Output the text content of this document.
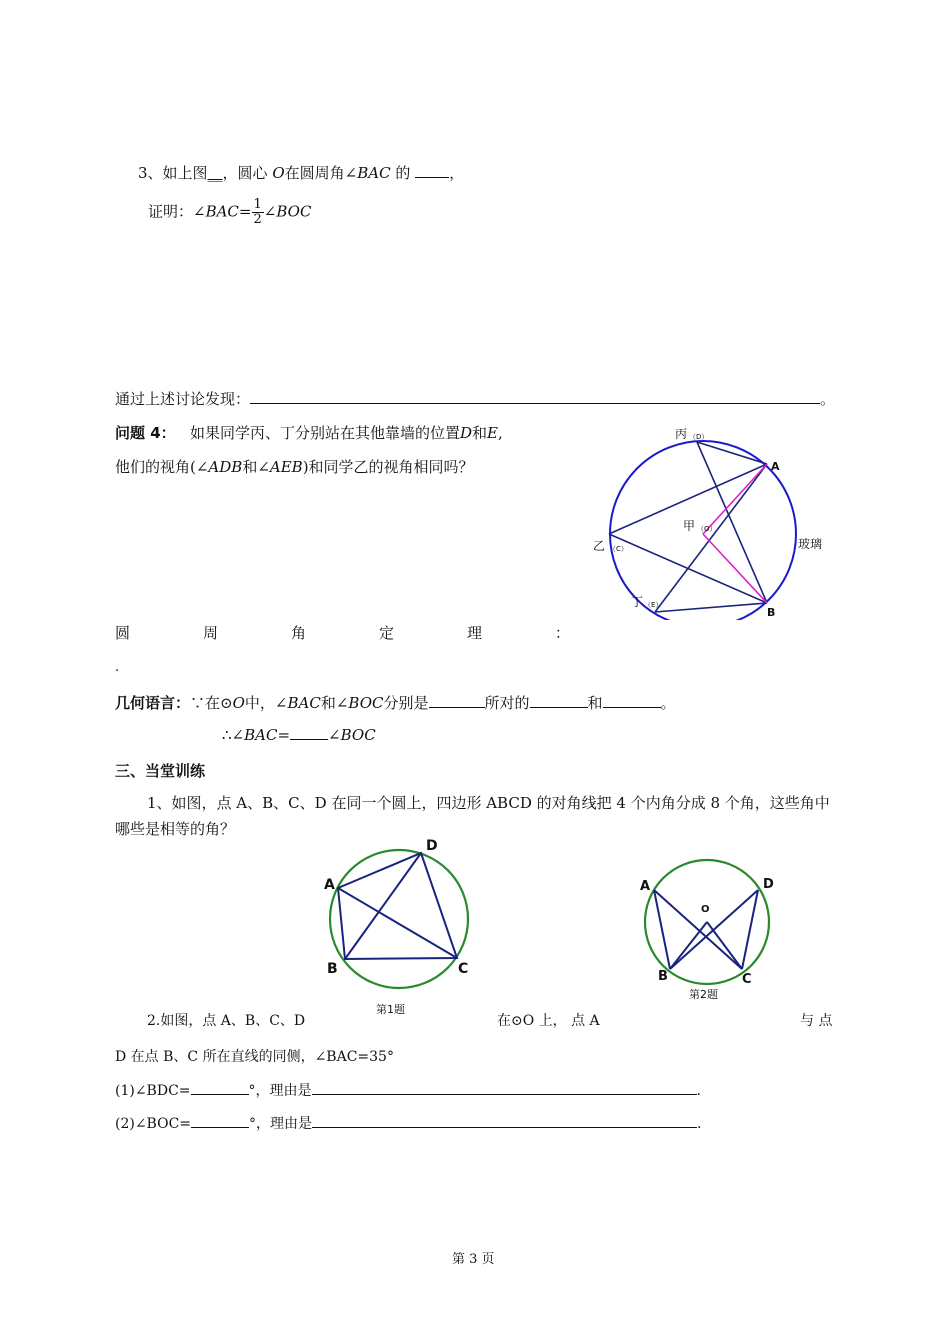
3、如上图__，圆心 O在圆周角∠BAC 的	，
证明：∠BAC= $\frac{1}{2}$ ∠BOC
通过上述讨论发现：	。
问题 4： 如果同学丙、丁分别站在其他靠墙的位置D和E,
他们的视角(∠ADB和∠AEB)和同学乙的视角相同吗？
丙 （D）
A
甲 （O）
乙 （C）	玻璃
丁 （E）
B
圆	周	角	定	理	：
.
几何语言：∵在⊙O中，∠BAC和∠BOC分别是	所对的	和	。
∴∠BAC=	∠BOC
三、当堂训练
1、如图，点 A、B、C、D 在同一个圆上，四边形 ABCD 的对角线把 4 个内角分成 8 个角，这些角中
哪些是相等的角？
A
B	C
D
第1题
A
B	C
D
O
第2题
2.如图，点 A、B、C、D	在⊙O 上， 点 A	与 点
D 在点 B、C 所在直线的同侧，∠BAC=35°
(1)∠BDC=	°，理由是	.
(2)∠BOC=	°，理由是	.
第 3 页
